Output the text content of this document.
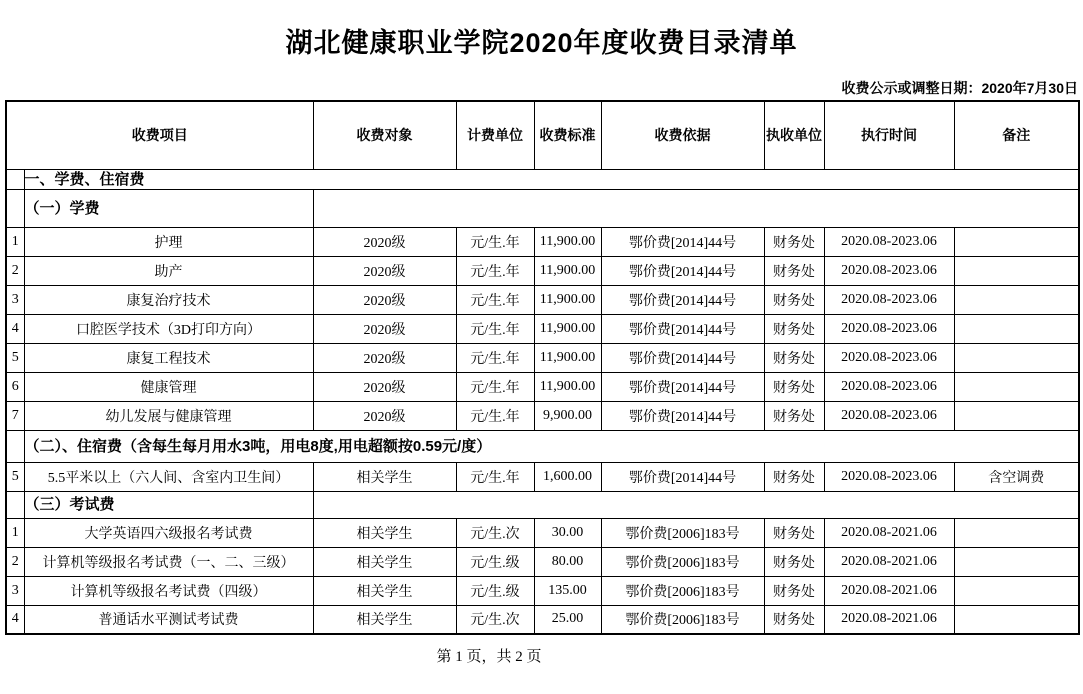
湖北健康职业学院2020年度收费目录清单
收费公示或调整日期：2020年7月30日
收费项目		收费对象	计费单位	收费标准	收费依据	执收单位	执行时间	备注
	一、学费、住宿费							
	（一）学费							
1	护理	2020级	元/生.年	11,900.00	鄂价费[2014]44号	财务处	2020.08-2023.06	
2	助产	2020级	元/生.年	11,900.00	鄂价费[2014]44号	财务处	2020.08-2023.06	
3	康复治疗技术	2020级	元/生.年	11,900.00	鄂价费[2014]44号	财务处	2020.08-2023.06	
4	口腔医学技术（3D打印方向）	2020级	元/生.年	11,900.00	鄂价费[2014]44号	财务处	2020.08-2023.06	
5	康复工程技术	2020级	元/生.年	11,900.00	鄂价费[2014]44号	财务处	2020.08-2023.06	
6	健康管理	2020级	元/生.年	11,900.00	鄂价费[2014]44号	财务处	2020.08-2023.06	
7	幼儿发展与健康管理	2020级	元/生.年	9,900.00	鄂价费[2014]44号	财务处	2020.08-2023.06	
	（二）、住宿费（含每生每月用水3吨，用电8度,用电超额按0.59元/度）							
5	5.5平米以上（六人间、含室内卫生间）	相关学生	元/生.年	1,600.00	鄂价费[2014]44号	财务处	2020.08-2023.06	含空调费
	（三）考试费							
1	大学英语四六级报名考试费	相关学生	元/生.次	30.00	鄂价费[2006]183号	财务处	2020.08-2021.06	
2	计算机等级报名考试费（一、二、三级）	相关学生	元/生.级	80.00	鄂价费[2006]183号	财务处	2020.08-2021.06	
3	计算机等级报名考试费（四级）	相关学生	元/生.级	135.00	鄂价费[2006]183号	财务处	2020.08-2021.06	
4	普通话水平测试考试费	相关学生	元/生.次	25.00	鄂价费[2006]183号	财务处	2020.08-2021.06	
第 1 页，共 2 页
